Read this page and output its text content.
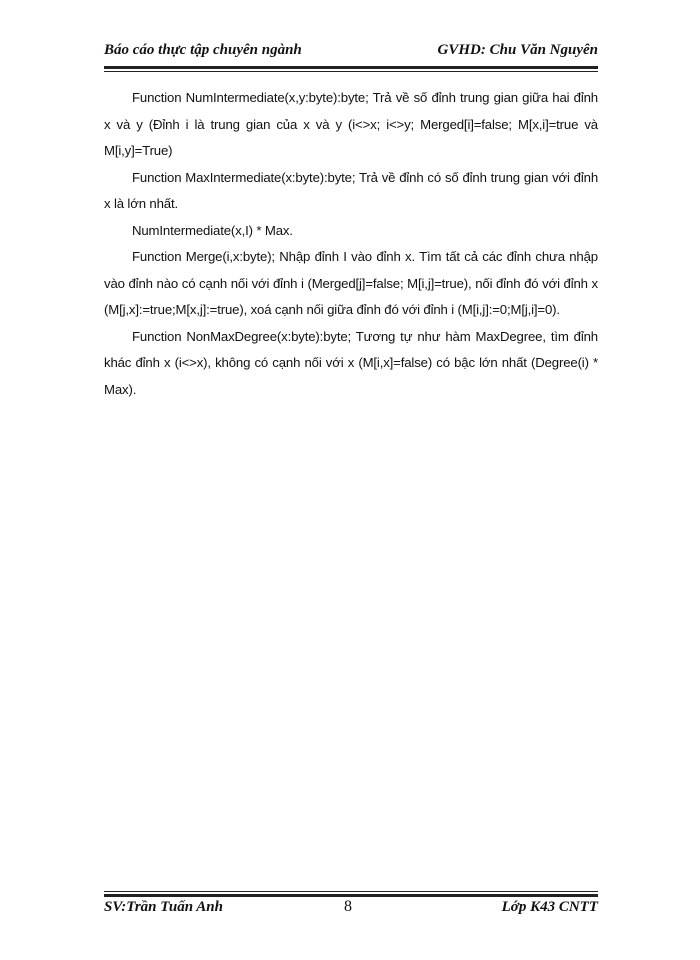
Báo cáo thực tập chuyên ngành	GVHD: Chu Văn Nguyên

Function NumIntermediate(x,y:byte):byte; Trả về số đỉnh trung gian giữa hai đỉnh x và y (Đỉnh i là trung gian của x và y (i<>x; i<>y; Merged[i]=false; M[x,i]=true và M[i,y]=True)

Function MaxIntermediate(x:byte):byte; Trả về đỉnh có số đỉnh trung gian với đỉnh x là lớn nhất.

NumIntermediate(x,I) * Max.

Function Merge(i,x:byte); Nhập đỉnh I vào đỉnh x. Tìm tất cả các đỉnh chưa nhập vào đỉnh nào có cạnh nối với đỉnh i (Merged[j]=false; M[i,j]=true), nối đỉnh đó với đỉnh x (M[j,x]:=true;M[x,j]:=true), xoá cạnh nối giữa đỉnh đó với đỉnh i (M[i,j]:=0;M[j,i]=0).

Function NonMaxDegree(x:byte):byte; Tương tự như hàm MaxDegree, tìm đỉnh khác đỉnh x (i<>x), không có cạnh nối với x (M[i,x]=false) có bậc lớn nhất (Degree(i) * Max).

SV:Trần Tuấn Anh	8	Lớp K43 CNTT
